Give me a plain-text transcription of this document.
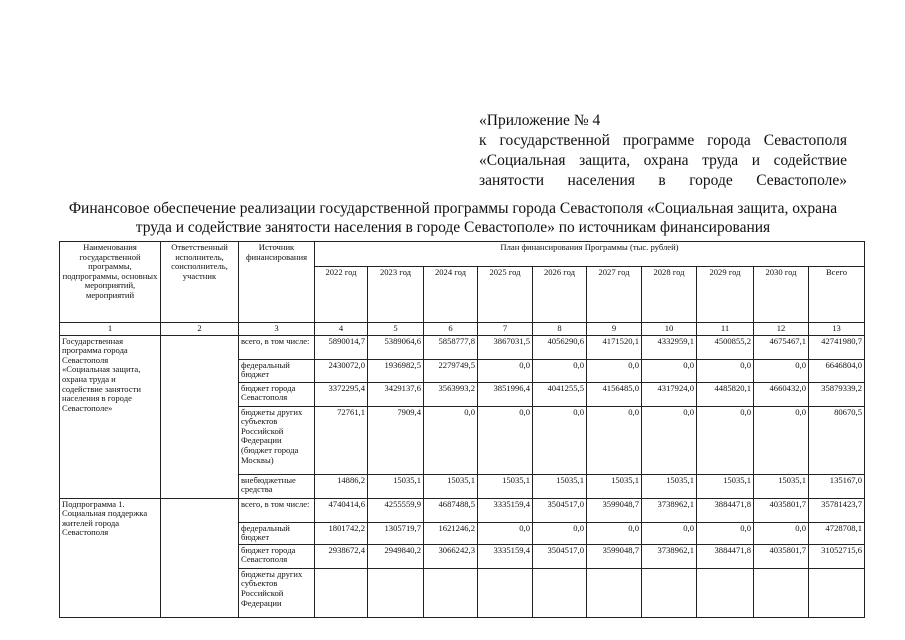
«Приложение № 4
к государственной программе города Севастополя
«Социальная защита, охрана труда и содействие
занятости населения в городе Севастополе»
Финансовое обеспечение реализации государственной программы города Севастополя «Социальная защита, охрана труда и содействие занятости населения в городе Севастополе» по источникам финансирования
Наименования государственной программы, подпрограммы, основных мероприятий, мероприятий	Ответственный исполнитель, соисполнитель, участник	Источник финансирования	План финансирования Программы (тыс. рублей)									
			2022 год	2023 год	2024 год	2025 год	2026 год	2027 год	2028 год	2029 год	2030 год	Всего
1	2	3	4	5	6	7	8	9	10	11	12	13
Государственная программа города Севастополя «Социальная защита, охрана труда и содействие занятости населения в городе Севастополе»		всего, в том числе:	5890014,7	5389064,6	5858777,8	3867031,5	4056290,6	4171520,1	4332959,1	4500855,2	4675467,1	42741980,7
		федеральный бюджет	2430072,0	1936982,5	2279749,5	0,0	0,0	0,0	0,0	0,0	0,0	6646804,0
		бюджет города Севастополя	3372295,4	3429137,6	3563993,2	3851996,4	4041255,5	4156485,0	4317924,0	4485820,1	4660432,0	35879339,2
		бюджеты других субъектов Российской Федерации (бюджет города Москвы)	72761,1	7909,4	0,0	0,0	0,0	0,0	0,0	0,0	0,0	80670,5
		внебюджетные средства	14886,2	15035,1	15035,1	15035,1	15035,1	15035,1	15035,1	15035,1	15035,1	135167,0
Подпрограмма 1. Социальная поддержка жителей города Севастополя		всего, в том числе:	4740414,6	4255559,9	4687488,5	3335159,4	3504517,0	3599048,7	3738962,1	3884471,8	4035801,7	35781423,7
		федеральный бюджет	1801742,2	1305719,7	1621246,2	0,0	0,0	0,0	0,0	0,0	0,0	4728708,1
		бюджет города Севастополя	2938672,4	2949840,2	3066242,3	3335159,4	3504517,0	3599048,7	3738962,1	3884471,8	4035801,7	31052715,6
		бюджеты других субъектов Российской Федерации										
